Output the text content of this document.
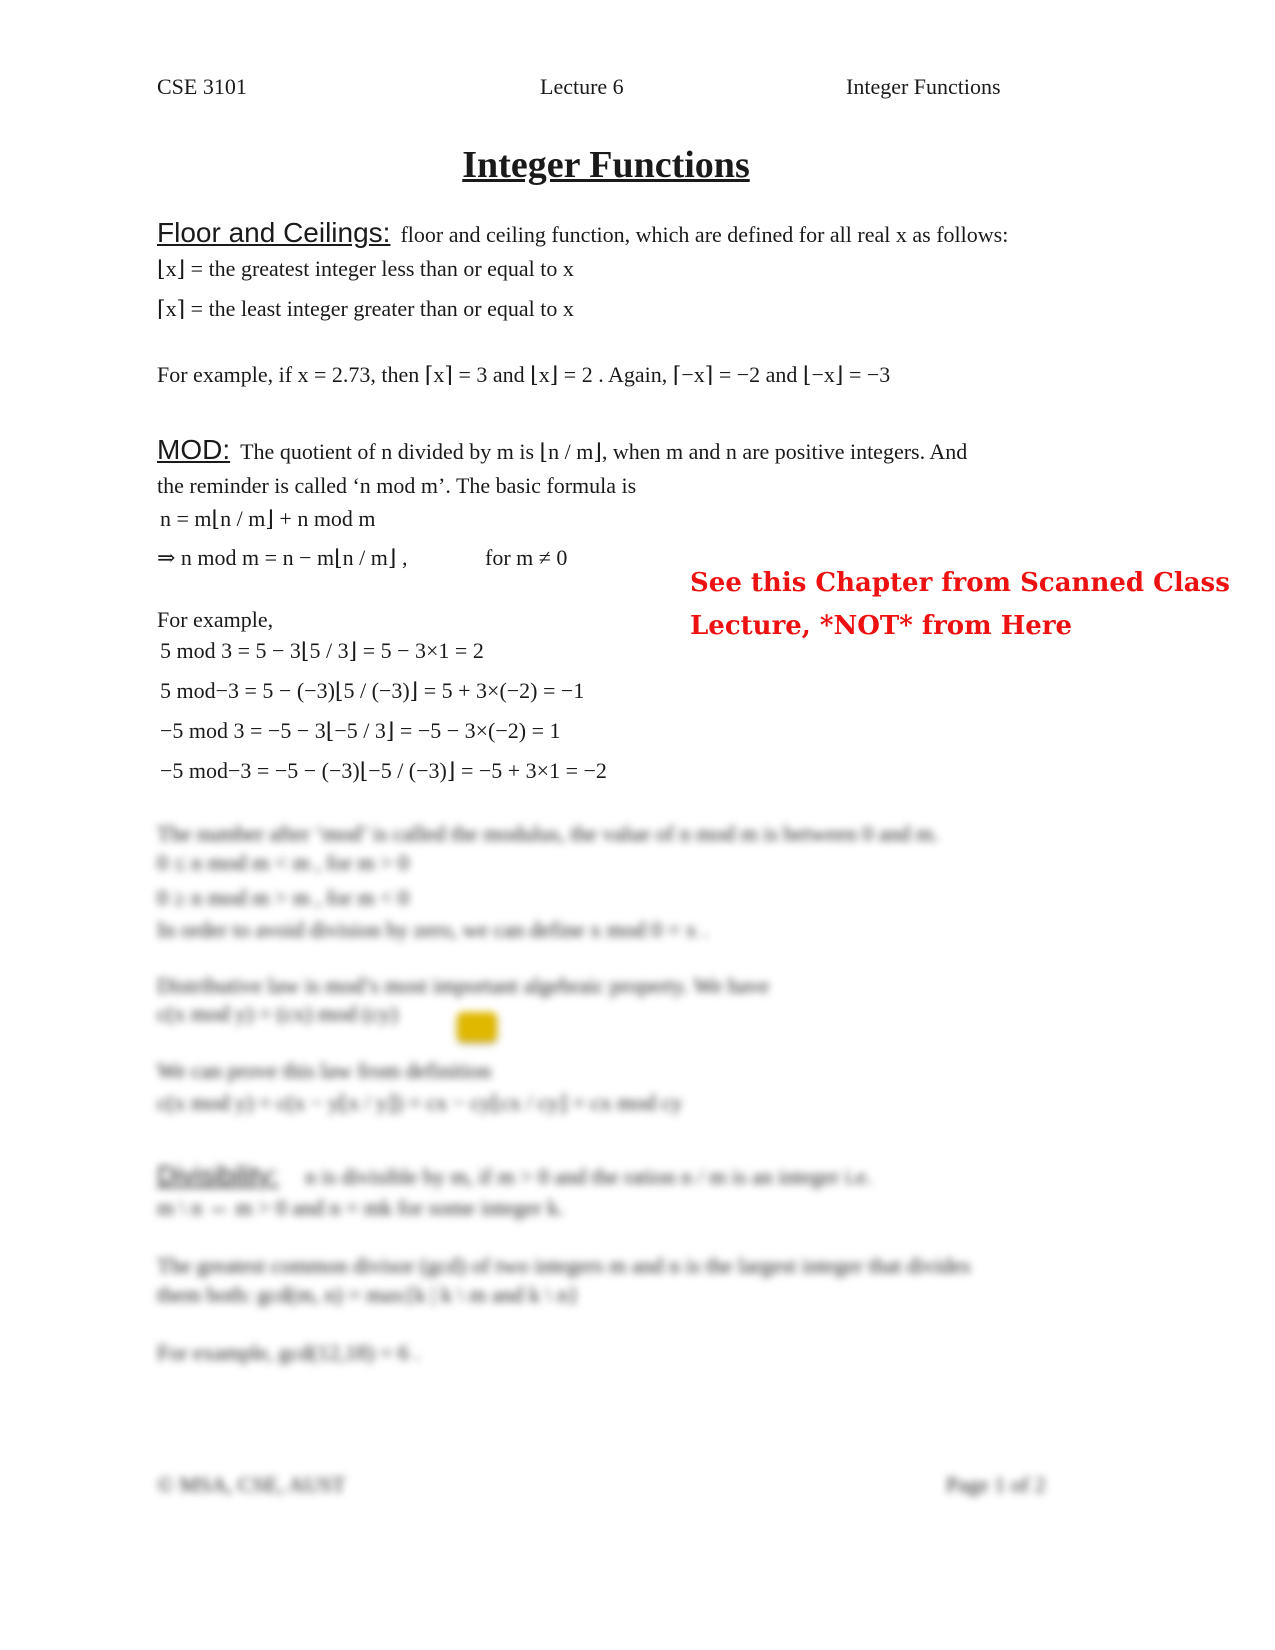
CSE 3101	Lecture 6	Integer Functions
Integer Functions
Floor and Ceilings: floor and ceiling function, which are defined for all real x as follows:
⌊x⌋ = the greatest integer less than or equal to x
⌈x⌉ = the least integer greater than or equal to x
For example, if x = 2.73, then ⌈x⌉ = 3 and ⌊x⌋ = 2 . Again, ⌈−x⌉ = −2 and ⌊−x⌋ = −3
MOD: The quotient of n divided by m is ⌊n / m⌋, when m and n are positive integers. And
the reminder is called ‘n mod m’. The basic formula is
n = m⌊n / m⌋ + n mod m
⇒ n mod m = n − m⌊n / m⌋ ,	for m ≠ 0
For example,
5 mod 3 = 5 − 3⌊5 / 3⌋ = 5 − 3×1 = 2
5 mod−3 = 5 − (−3)⌊5 / (−3)⌋ = 5 + 3×(−2) = −1
−5 mod 3 = −5 − 3⌊−5 / 3⌋ = −5 − 3×(−2) = 1
−5 mod−3 = −5 − (−3)⌊−5 / (−3)⌋ = −5 + 3×1 = −2
See this Chapter from Scanned Class
Lecture, *NOT* from Here
The number after ‘mod’ is called the modulus, the value of n mod m is between 0 and m.
0 ≤ n mod m < m , for m > 0
0 ≥ n mod m > m , for m < 0
In order to avoid division by zero, we can define x mod 0 = x .
Distributive law is mod’s most important algebraic property. We have
c(x mod y) = (cx) mod (cy)
We can prove this law from definition
c(x mod y) = c(x − y⌊x / y⌋) = cx − cy⌊cx / cy⌋ = cx mod cy
Divisibility: n is divisible by m, if m > 0 and the ration n / m is an integer i.e.
m \ n ⇔ m > 0 and n = mk for some integer k.
The greatest common divisor (gcd) of two integers m and n is the largest integer that divides
them both: gcd(m, n) = max{k | k \ m and k \ n}
For example, gcd(12,18) = 6 .
© MSA, CSE, AUST	Page 1 of 2
